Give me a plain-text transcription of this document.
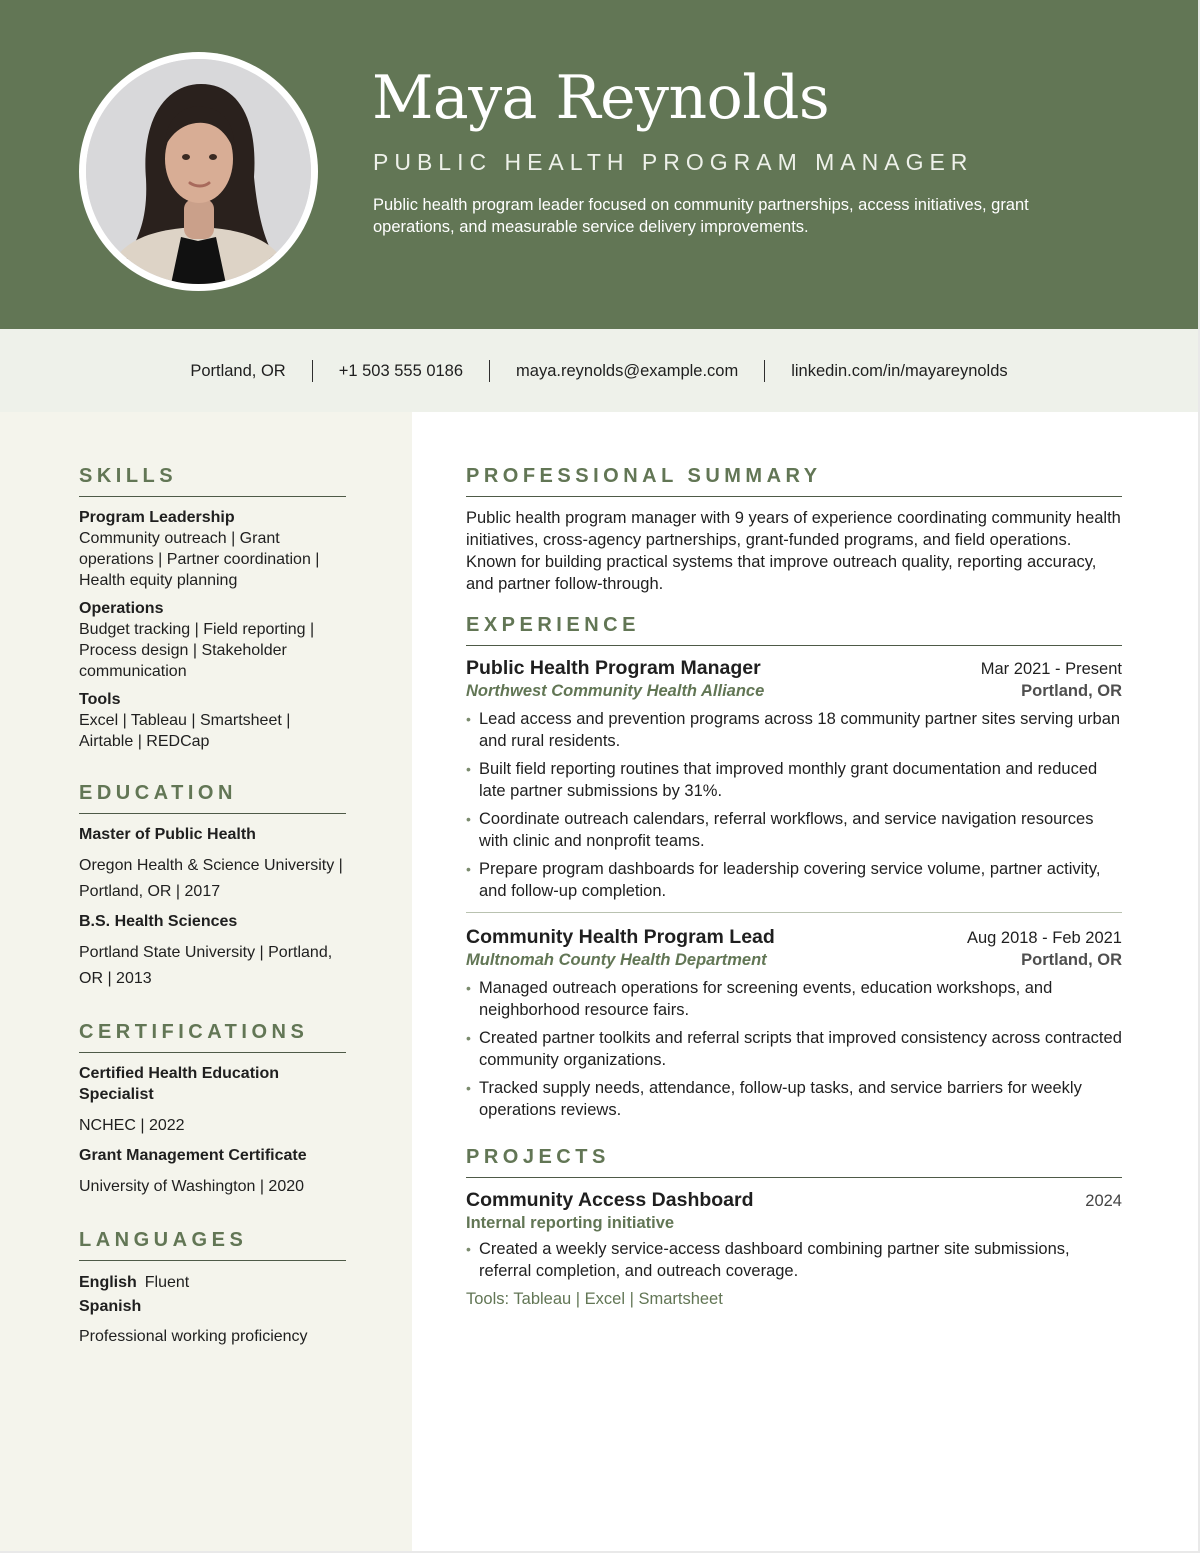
Maya Reynolds
PUBLIC HEALTH PROGRAM MANAGER
Public health program leader focused on community partnerships, access initiatives, grant operations, and measurable service delivery improvements.
Portland, OR	+1 503 555 0186	maya.reynolds@example.com	linkedin.com/in/mayareynolds
SKILLS
Program Leadership
Community outreach | Grant operations | Partner coordination | Health equity planning
Operations
Budget tracking | Field reporting | Process design | Stakeholder communication
Tools
Excel | Tableau | Smartsheet | Airtable | REDCap
EDUCATION
Master of Public Health
Oregon Health & Science University | Portland, OR | 2017
B.S. Health Sciences
Portland State University | Portland, OR | 2013
CERTIFICATIONS
Certified Health Education Specialist
NCHEC | 2022
Grant Management Certificate
University of Washington | 2020
LANGUAGES
English Fluent
Spanish
Professional working proficiency
PROFESSIONAL SUMMARY
Public health program manager with 9 years of experience coordinating community health initiatives, cross-agency partnerships, grant-funded programs, and field operations. Known for building practical systems that improve outreach quality, reporting accuracy, and partner follow-through.
EXPERIENCE
Public Health Program Manager	Mar 2021 - Present
Northwest Community Health Alliance	Portland, OR
• Lead access and prevention programs across 18 community partner sites serving urban and rural residents.
• Built field reporting routines that improved monthly grant documentation and reduced late partner submissions by 31%.
• Coordinate outreach calendars, referral workflows, and service navigation resources with clinic and nonprofit teams.
• Prepare program dashboards for leadership covering service volume, partner activity, and follow-up completion.
Community Health Program Lead	Aug 2018 - Feb 2021
Multnomah County Health Department	Portland, OR
• Managed outreach operations for screening events, education workshops, and neighborhood resource fairs.
• Created partner toolkits and referral scripts that improved consistency across contracted community organizations.
• Tracked supply needs, attendance, follow-up tasks, and service barriers for weekly operations reviews.
PROJECTS
Community Access Dashboard	2024
Internal reporting initiative
• Created a weekly service-access dashboard combining partner site submissions, referral completion, and outreach coverage.
Tools: Tableau | Excel | Smartsheet
